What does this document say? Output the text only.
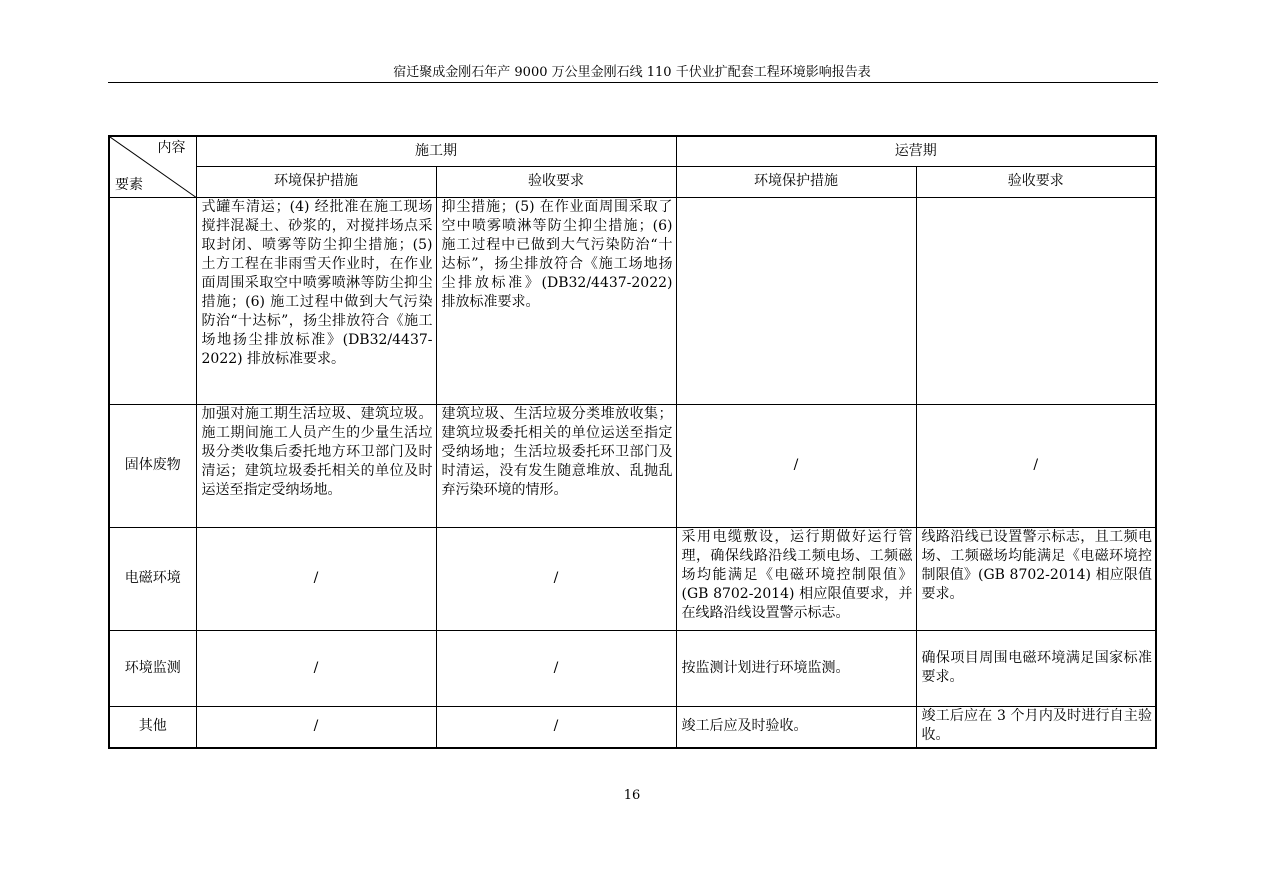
宿迁聚成金刚石年产 9000 万公里金刚石线 110 千伏业扩配套工程环境影响报告表
内容
要素	施工期		运营期	
	环境保护措施	验收要求	环境保护措施	验收要求
	式罐车清运；(4) 经批准在施工现场搅拌混凝土、砂浆的，对搅拌场点采取封闭、喷雾等防尘抑尘措施；(5) 土方工程在非雨雪天作业时，在作业面周围采取空中喷雾喷淋等防尘抑尘措施；(6) 施工过程中做到大气污染防治“十达标”，扬尘排放符合《施工场地扬尘排放标准》(DB32/4437-2022) 排放标准要求。	抑尘措施；(5) 在作业面周围采取了空中喷雾喷淋等防尘抑尘措施；(6) 施工过程中已做到大气污染防治“十达标”，扬尘排放符合《施工场地扬尘排放标准》(DB32/4437-2022) 排放标准要求。		
固体废物	加强对施工期生活垃圾、建筑垃圾。施工期间施工人员产生的少量生活垃圾分类收集后委托地方环卫部门及时清运；建筑垃圾委托相关的单位及时运送至指定受纳场地。	建筑垃圾、生活垃圾分类堆放收集；建筑垃圾委托相关的单位运送至指定受纳场地；生活垃圾委托环卫部门及时清运，没有发生随意堆放、乱抛乱弃污染环境的情形。	/	/
电磁环境	/	/	采用电缆敷设，运行期做好运行管理，确保线路沿线工频电场、工频磁场均能满足《电磁环境控制限值》(GB 8702-2014) 相应限值要求，并在线路沿线设置警示标志。	线路沿线已设置警示标志，且工频电场、工频磁场均能满足《电磁环境控制限值》(GB 8702-2014) 相应限值要求。
环境监测	/	/	按监测计划进行环境监测。	确保项目周围电磁环境满足国家标准要求。
其他	/	/	竣工后应及时验收。	竣工后应在 3 个月内及时进行自主验收。
16
